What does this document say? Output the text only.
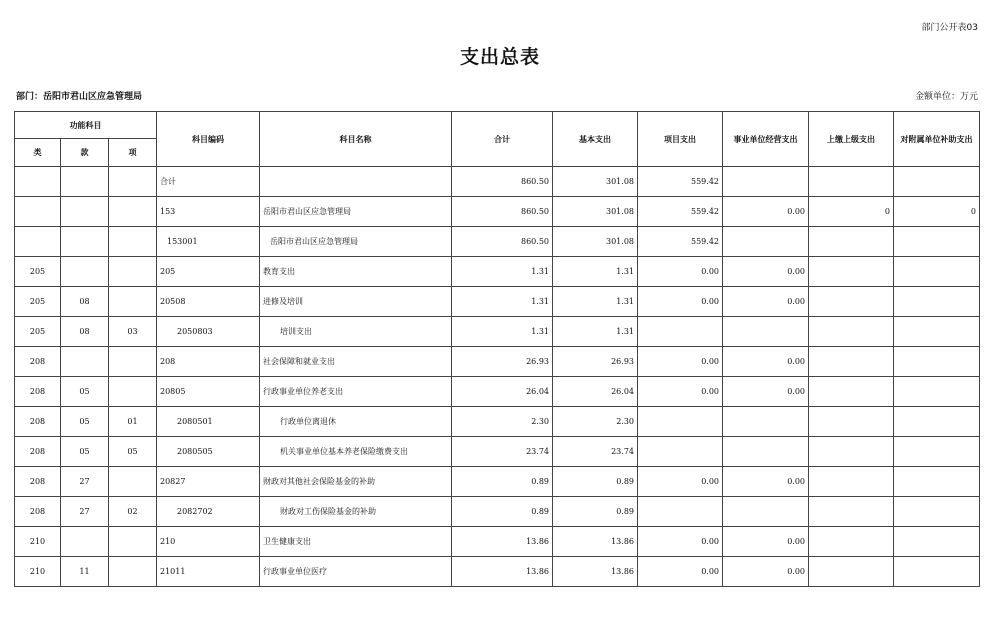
部门公开表03
支出总表
部门：岳阳市君山区应急管理局	金额单位：万元
功能科目			科目编码	科目名称	合计	基本支出	项目支出	事业单位经营支出	上缴上级支出	对附属单位补助支出
类	款	项								
			合计		860.50	301.08	559.42			
			153	岳阳市君山区应急管理局	860.50	301.08	559.42	0.00	0	0
			153001	岳阳市君山区应急管理局	860.50	301.08	559.42			
205			205	教育支出	1.31	1.31	0.00	0.00		
205	08		20508	进修及培训	1.31	1.31	0.00	0.00		
205	08	03	2050803	培训支出	1.31	1.31				
208			208	社会保障和就业支出	26.93	26.93	0.00	0.00		
208	05		20805	行政事业单位养老支出	26.04	26.04	0.00	0.00		
208	05	01	2080501	行政单位离退休	2.30	2.30				
208	05	05	2080505	机关事业单位基本养老保险缴费支出	23.74	23.74				
208	27		20827	财政对其他社会保险基金的补助	0.89	0.89	0.00	0.00		
208	27	02	2082702	财政对工伤保险基金的补助	0.89	0.89				
210			210	卫生健康支出	13.86	13.86	0.00	0.00		
210	11		21011	行政事业单位医疗	13.86	13.86	0.00	0.00		
